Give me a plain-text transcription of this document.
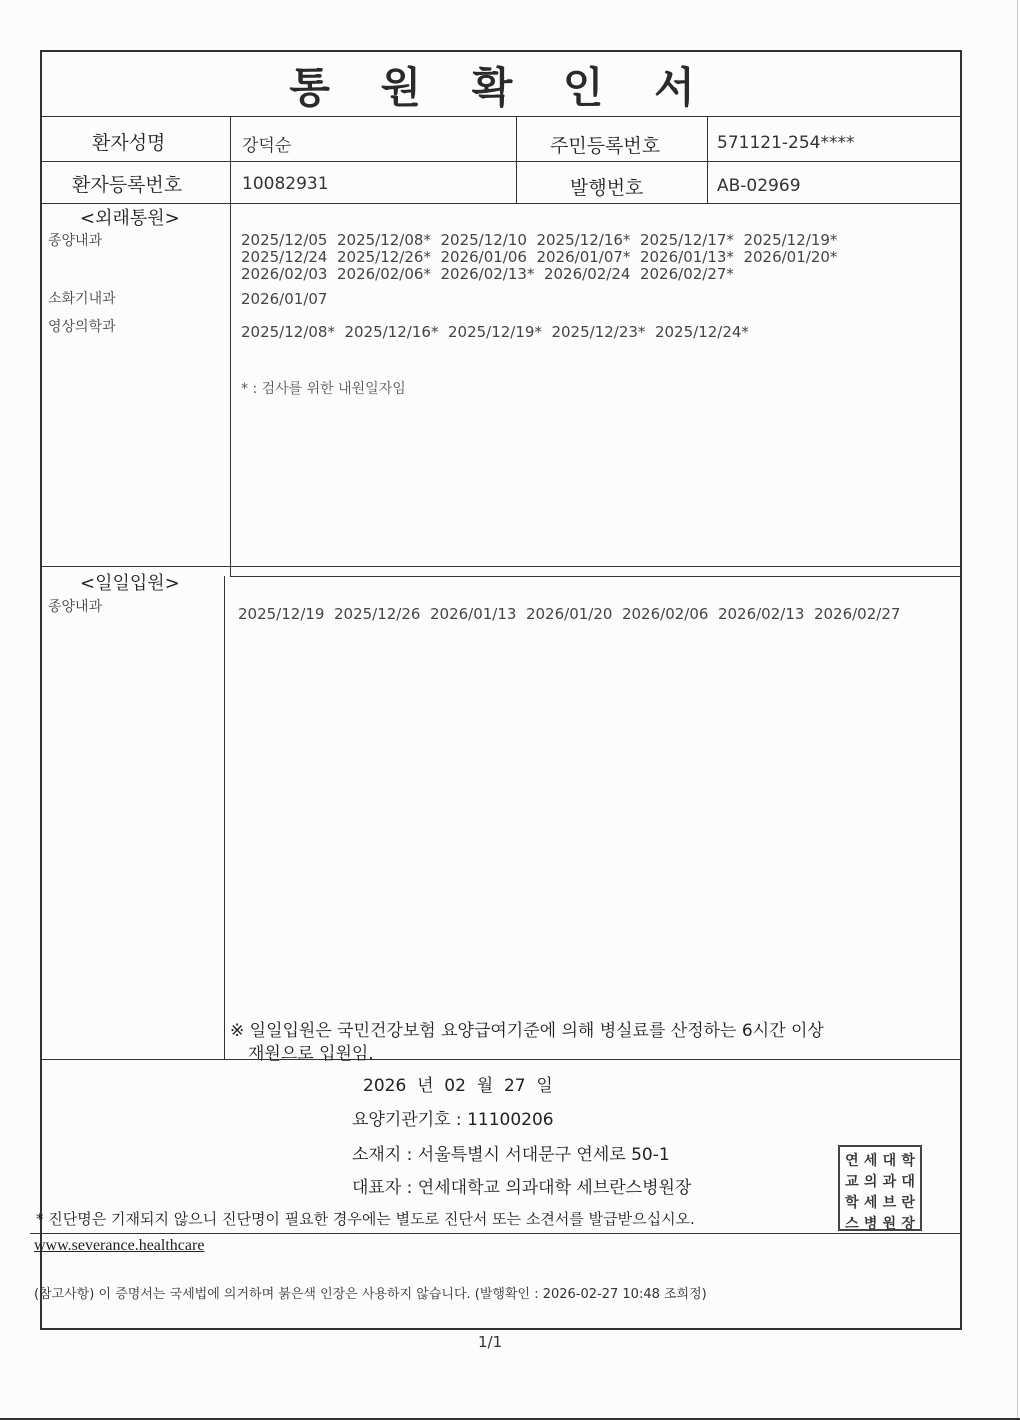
통 원 확 인 서
환자성명	강덕순	주민등록번호	571121-254****
환자등록번호	10082931	발행번호	AB-02969
<외래통원>
종양내과	2025/12/05  2025/12/08*  2025/12/10  2025/12/16*  2025/12/17*  2025/12/19*
2025/12/24  2025/12/26*  2026/01/06  2026/01/07*  2026/01/13*  2026/01/20*
2026/02/03  2026/02/06*  2026/02/13*  2026/02/24  2026/02/27*
소화기내과	2026/01/07
영상의학과	2025/12/08*  2025/12/16*  2025/12/19*  2025/12/23*  2025/12/24*
* : 검사를 위한 내원일자임
<일일입원>
종양내과	2025/12/19  2025/12/26  2026/01/13  2026/01/20  2026/02/06  2026/02/13  2026/02/27
※ 일일입원은 국민건강보험 요양급여기준에 의해 병실료를 산정하는 6시간 이상
재원으로 입원임.
2026  년  02  월  27  일
요양기관기호 : 11100206
소재지 : 서울특별시 서대문구 연세로 50-1
대표자 : 연세대학교 의과대학 세브란스병원장
* 진단명은 기재되지 않으니 진단명이 필요한 경우에는 별도로 진단서 또는 소견서를 발급받으십시오.
연 세 대 학
교 의 과 대
학 세 브 란
스 병 원 장
www.severance.healthcare
(참고사항) 이 증명서는 국세법에 의거하며 붉은색 인장은 사용하지 않습니다. (발행확인 : 2026-02-27 10:48 조희정)
1/1
